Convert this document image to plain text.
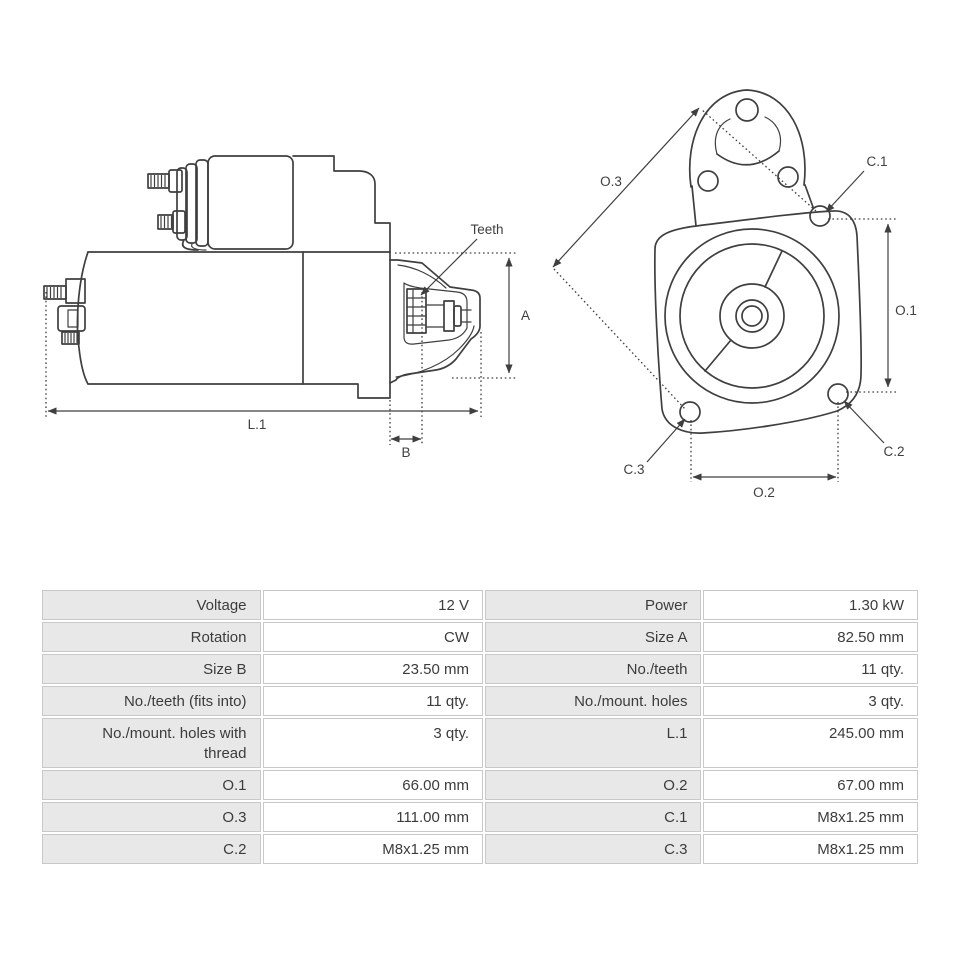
A
L.1
B
Teeth
O.3
C.1
O.1
C.2
C.3
O.2
Voltage	12 V	Power	1.30 kW
Rotation	CW	Size A	82.50 mm
Size B	23.50 mm	No./teeth	11 qty.
No./teeth (fits into)	11 qty.	No./mount. holes	3 qty.
No./mount. holes with thread	3 qty.	L.1	245.00 mm
O.1	66.00 mm	O.2	67.00 mm
O.3	111.00 mm	C.1	M8x1.25 mm
C.2	M8x1.25 mm	C.3	M8x1.25 mm
